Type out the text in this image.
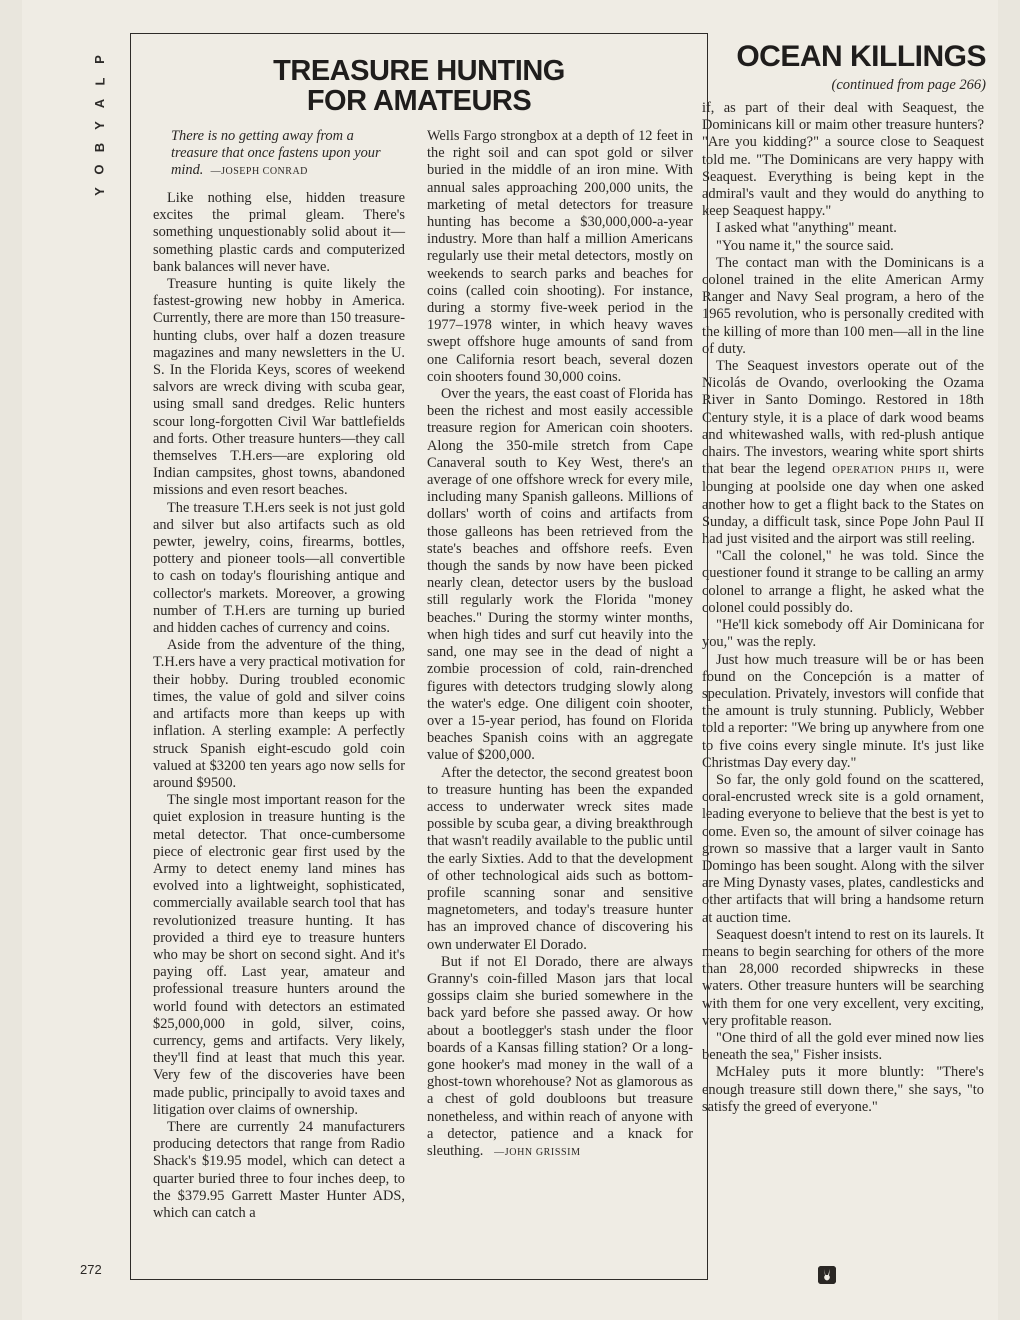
P
L
A
Y
B
O
Y
272
TREASURE HUNTING
FOR AMATEURS
There is no getting away from a treasure that once fastens upon your mind. —JOSEPH CONRAD

Like nothing else, hidden treasure excites the primal gleam. There's something unquestionably solid about it—something plastic cards and computerized bank balances will never have.

Treasure hunting is quite likely the fastest-growing new hobby in America. Currently, there are more than 150 treasure-hunting clubs, over half a dozen treasure magazines and many newsletters in the U. S. In the Florida Keys, scores of weekend salvors are wreck diving with scuba gear, using small sand dredges. Relic hunters scour long-forgotten Civil War battlefields and forts. Other treasure hunters—they call themselves T.H.ers—are exploring old Indian campsites, ghost towns, abandoned missions and even resort beaches.

The treasure T.H.ers seek is not just gold and silver but also artifacts such as old pewter, jewelry, coins, firearms, bottles, pottery and pioneer tools—all convertible to cash on today's flourishing antique and collector's markets. Moreover, a growing number of T.H.ers are turning up buried and hidden caches of currency and coins.

Aside from the adventure of the thing, T.H.ers have a very practical motivation for their hobby. During troubled economic times, the value of gold and silver coins and artifacts more than keeps up with inflation. A sterling example: A perfectly struck Spanish eight-escudo gold coin valued at $3200 ten years ago now sells for around $9500.

The single most important reason for the quiet explosion in treasure hunting is the metal detector. That once-cumbersome piece of electronic gear first used by the Army to detect enemy land mines has evolved into a lightweight, sophisticated, commercially available search tool that has revolutionized treasure hunting. It has provided a third eye to treasure hunters who may be short on second sight. And it's paying off. Last year, amateur and professional treasure hunters around the world found with detectors an estimated $25,000,000 in gold, silver, coins, currency, gems and artifacts. Very likely, they'll find at least that much this year. Very few of the discoveries have been made public, principally to avoid taxes and litigation over claims of ownership.

There are currently 24 manufacturers producing detectors that range from Radio Shack's $19.95 model, which can detect a quarter buried three to four inches deep, to the $379.95 Garrett Master Hunter ADS, which can catch a

Wells Fargo strongbox at a depth of 12 feet in the right soil and can spot gold or silver buried in the middle of an iron mine. With annual sales approaching 200,000 units, the marketing of metal detectors for treasure hunting has become a $30,000,000-a-year industry. More than half a million Americans regularly use their metal detectors, mostly on weekends to search parks and beaches for coins (called coin shooting). For instance, during a stormy five-week period in the 1977–1978 winter, in which heavy waves swept offshore huge amounts of sand from one California resort beach, several dozen coin shooters found 30,000 coins.

Over the years, the east coast of Florida has been the richest and most easily accessible treasure region for American coin shooters. Along the 350-mile stretch from Cape Canaveral south to Key West, there's an average of one offshore wreck for every mile, including many Spanish galleons. Millions of dollars' worth of coins and artifacts from those galleons has been retrieved from the state's beaches and offshore reefs. Even though the sands by now have been picked nearly clean, detector users by the busload still regularly work the Florida "money beaches." During the stormy winter months, when high tides and surf cut heavily into the sand, one may see in the dead of night a zombie procession of cold, rain-drenched figures with detectors trudging slowly along the water's edge. One diligent coin shooter, over a 15-year period, has found on Florida beaches Spanish coins with an aggregate value of $200,000.

After the detector, the second greatest boon to treasure hunting has been the expanded access to underwater wreck sites made possible by scuba gear, a diving breakthrough that wasn't readily available to the public until the early Sixties. Add to that the development of other technological aids such as bottom-profile scanning sonar and sensitive magnetometers, and today's treasure hunter has an improved chance of discovering his own underwater El Dorado.

But if not El Dorado, there are always Granny's coin-filled Mason jars that local gossips claim she buried somewhere in the back yard before she passed away. Or how about a bootlegger's stash under the floor boards of a Kansas filling station? Or a long-gone hooker's mad money in the wall of a ghost-town whorehouse? Not as glamorous as a chest of gold doubloons but treasure nonetheless, and within reach of anyone with a detector, patience and a knack for sleuthing. —JOHN GRISSIM

OCEAN KILLINGS
(continued from page 266)

if, as part of their deal with Seaquest, the Dominicans kill or maim other treasure hunters? "Are you kidding?" a source close to Seaquest told me. "The Dominicans are very happy with Seaquest. Everything is being kept in the admiral's vault and they would do anything to keep Seaquest happy."

I asked what "anything" meant.

"You name it," the source said.

The contact man with the Dominicans is a colonel trained in the elite American Army Ranger and Navy Seal program, a hero of the 1965 revolution, who is personally credited with the killing of more than 100 men—all in the line of duty.

The Seaquest investors operate out of the Nicolás de Ovando, overlooking the Ozama River in Santo Domingo. Restored in 18th Century style, it is a place of dark wood beams and whitewashed walls, with red-plush antique chairs. The investors, wearing white sport shirts that bear the legend OPERATION PHIPS II, were lounging at poolside one day when one asked another how to get a flight back to the States on Sunday, a difficult task, since Pope John Paul II had just visited and the airport was still reeling.

"Call the colonel," he was told. Since the questioner found it strange to be calling an army colonel to arrange a flight, he asked what the colonel could possibly do.

"He'll kick somebody off Air Dominicana for you," was the reply.

Just how much treasure will be or has been found on the Concepción is a matter of speculation. Privately, investors will confide that the amount is truly stunning. Publicly, Webber told a reporter: "We bring up anywhere from one to five coins every single minute. It's just like Christmas Day every day."

So far, the only gold found on the scattered, coral-encrusted wreck site is a gold ornament, leading everyone to believe that the best is yet to come. Even so, the amount of silver coinage has grown so massive that a larger vault in Santo Domingo has been sought. Along with the silver are Ming Dynasty vases, plates, candlesticks and other artifacts that will bring a handsome return at auction time.

Seaquest doesn't intend to rest on its laurels. It means to begin searching for others of the more than 28,000 recorded shipwrecks in these waters. Other treasure hunters will be searching with them for one very excellent, very exciting, very profitable reason.

"One third of all the gold ever mined now lies beneath the sea," Fisher insists.

McHaley puts it more bluntly: "There's enough treasure still down there," she says, "to satisfy the greed of everyone."
